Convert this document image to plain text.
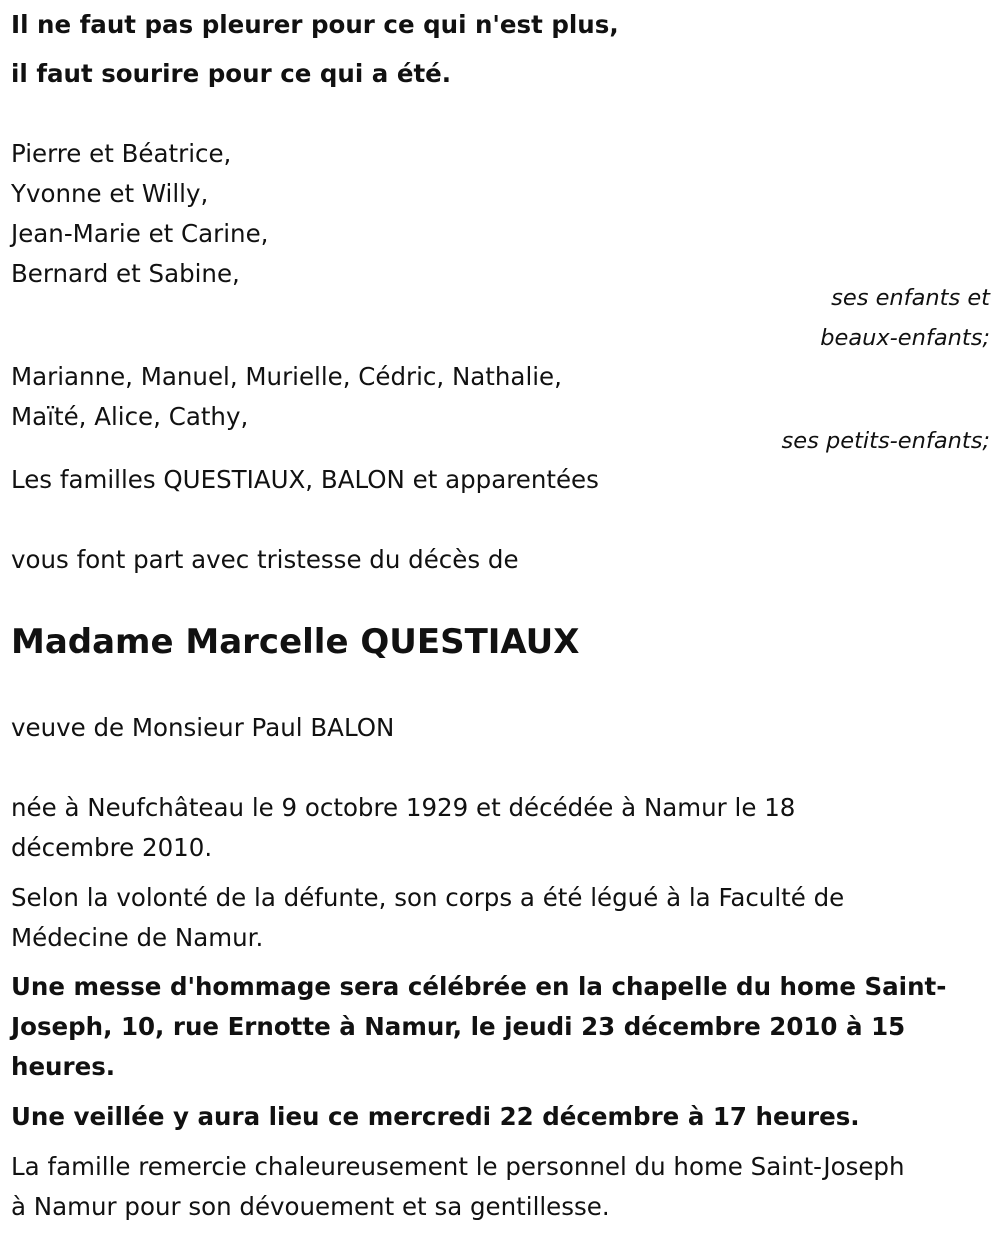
Il ne faut pas pleurer pour ce qui n'est plus,

il faut sourire pour ce qui a été.

Pierre et Béatrice,

Yvonne et Willy,

Jean-Marie et Carine,

Bernard et Sabine,

ses enfants et

beaux-enfants;

Marianne, Manuel, Murielle, Cédric, Nathalie,

Maïté, Alice, Cathy,

ses petits-enfants;

Les familles QUESTIAUX, BALON et apparentées

vous font part avec tristesse du décès de

Madame Marcelle QUESTIAUX

veuve de Monsieur Paul BALON

née à Neufchâteau le 9 octobre 1929 et décédée à Namur le 18

décembre 2010.

Selon la volonté de la défunte, son corps a été légué à la Faculté de

Médecine de Namur.

Une messe d'hommage sera célébrée en la chapelle du home Saint-

Joseph, 10, rue Ernotte à Namur, le jeudi 23 décembre 2010 à 15

heures.

Une veillée y aura lieu ce mercredi 22 décembre à 17 heures.

La famille remercie chaleureusement le personnel du home Saint-Joseph

à Namur pour son dévouement et sa gentillesse.
